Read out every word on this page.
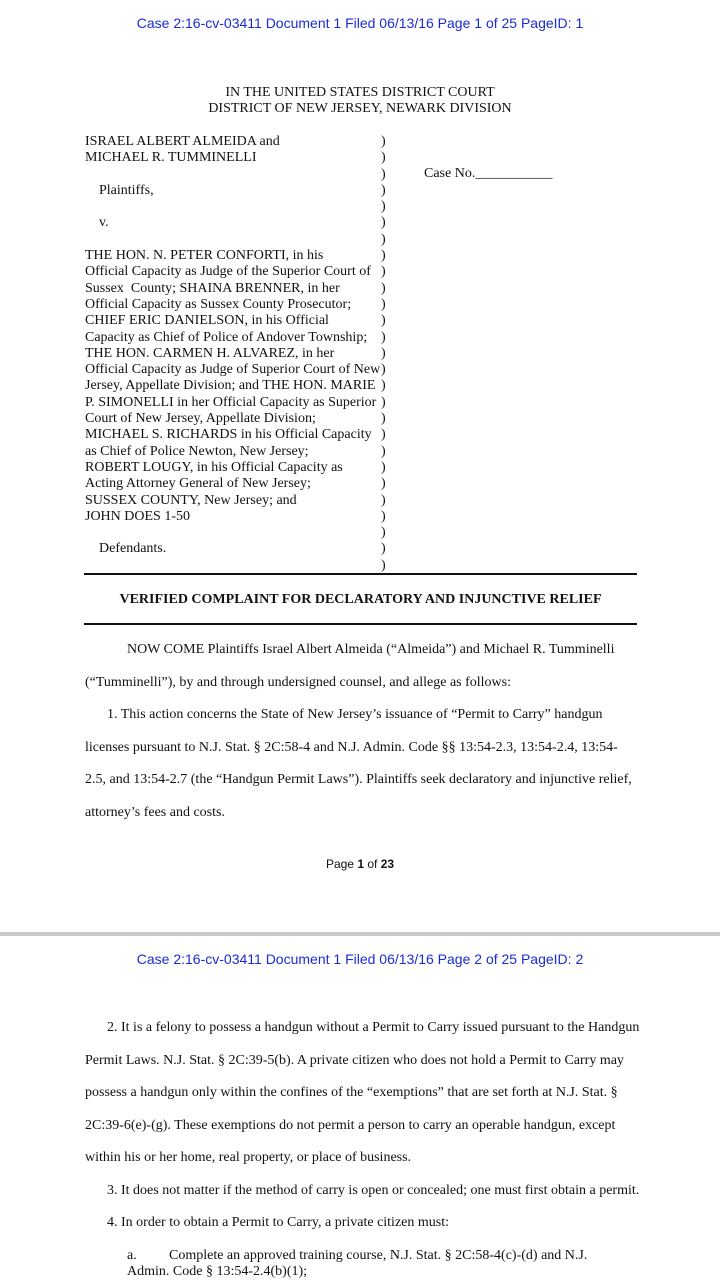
Case 2:16-cv-03411 Document 1 Filed 06/13/16 Page 1 of 25 PageID: 1
IN THE UNITED STATES DISTRICT COURT
DISTRICT OF NEW JERSEY, NEWARK DIVISION
ISRAEL ALBERT ALMEIDA and
MICHAEL R. TUMMINELLI
Plaintiffs,
v.
THE HON. N. PETER CONFORTI, in his
Official Capacity as Judge of the Superior Court of
Sussex  County; SHAINA BRENNER, in her
Official Capacity as Sussex County Prosecutor;
CHIEF ERIC DANIELSON, in his Official
Capacity as Chief of Police of Andover Township;
THE HON. CARMEN H. ALVAREZ, in her
Official Capacity as Judge of Superior Court of New
Jersey, Appellate Division; and THE HON. MARIE
P. SIMONELLI in her Official Capacity as Superior
Court of New Jersey, Appellate Division;
MICHAEL S. RICHARDS in his Official Capacity
as Chief of Police Newton, New Jersey;
ROBERT LOUGY, in his Official Capacity as
Acting Attorney General of New Jersey;
SUSSEX COUNTY, New Jersey; and
JOHN DOES 1-50
Defendants.
)
)
)
)
)
)
)
)
)
)
)
)
)
)
)
)
)
)
)
)
)
)
)
)
)
)
)
Case No.___________
VERIFIED COMPLAINT FOR DECLARATORY AND INJUNCTIVE RELIEF
NOW COME Plaintiffs Israel Albert Almeida (“Almeida”) and Michael R. Tumminelli
(“Tumminelli”), by and through undersigned counsel, and allege as follows:
1. This action concerns the State of New Jersey’s issuance of “Permit to Carry” handgun
licenses pursuant to N.J. Stat. § 2C:58-4 and N.J. Admin. Code §§ 13:54-2.3, 13:54-2.4, 13:54-
2.5, and 13:54-2.7 (the “Handgun Permit Laws”). Plaintiffs seek declaratory and injunctive relief,
attorney’s fees and costs.
Page 1 of 23
Case 2:16-cv-03411 Document 1 Filed 06/13/16 Page 2 of 25 PageID: 2
2. It is a felony to possess a handgun without a Permit to Carry issued pursuant to the Handgun
Permit Laws. N.J. Stat. § 2C:39-5(b). A private citizen who does not hold a Permit to Carry may
possess a handgun only within the confines of the “exemptions” that are set forth at N.J. Stat. §
2C:39-6(e)-(g). These exemptions do not permit a person to carry an operable handgun, except
within his or her home, real property, or place of business.
3. It does not matter if the method of carry is open or concealed; one must first obtain a permit.
4. In order to obtain a Permit to Carry, a private citizen must:
a. Complete an approved training course, N.J. Stat. § 2C:58-4(c)-(d) and N.J.
Admin. Code § 13:54-2.4(b)(1);
